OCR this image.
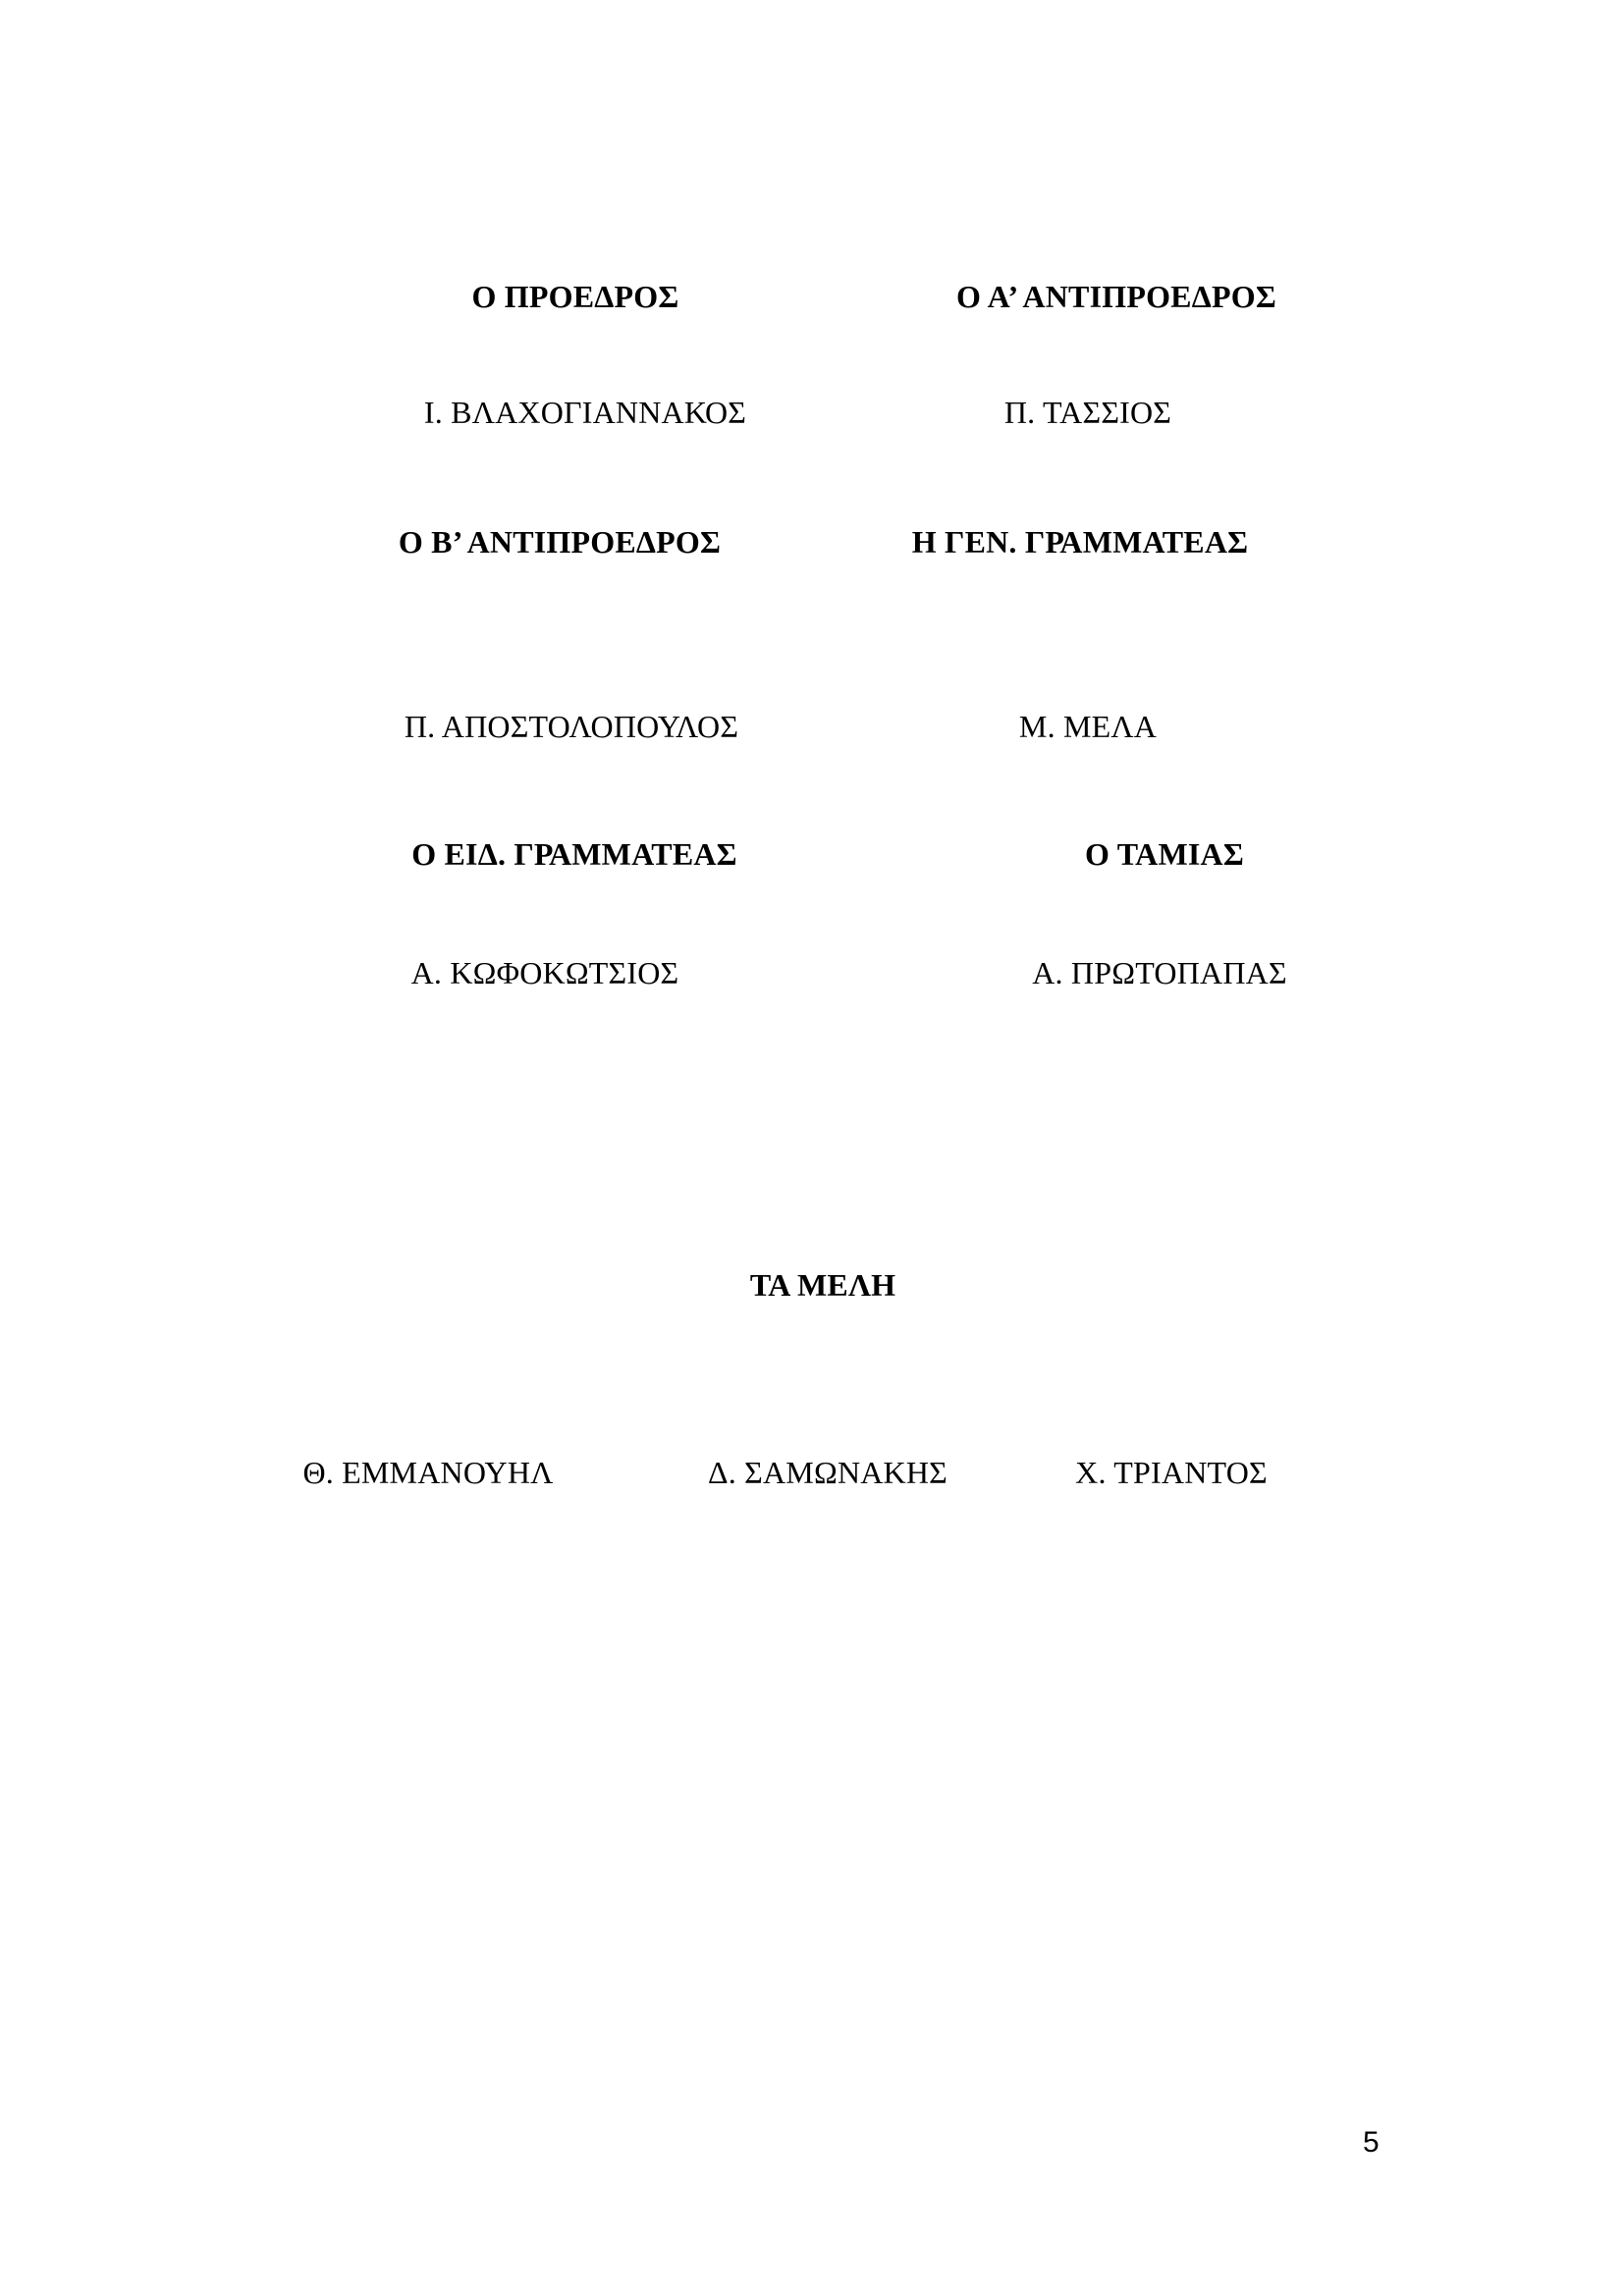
Ο ΠΡΟΕΔΡΟΣ	Ο Α’ ΑΝΤΙΠΡΟΕΔΡΟΣ
Ι. ΒΛΑΧΟΓΙΑΝΝΑΚΟΣ	Π. ΤΑΣΣΙΟΣ
Ο Β’ ΑΝΤΙΠΡΟΕΔΡΟΣ	Η ΓΕΝ. ΓΡΑΜΜΑΤΕΑΣ
Π. ΑΠΟΣΤΟΛΟΠΟΥΛΟΣ	Μ. ΜΕΛΑ
Ο ΕΙΔ. ΓΡΑΜΜΑΤΕΑΣ	Ο ΤΑΜΙΑΣ
Α. ΚΩΦΟΚΩΤΣΙΟΣ	Α. ΠΡΩΤΟΠΑΠΑΣ
ΤΑ ΜΕΛΗ
Θ. ΕΜΜΑΝΟΥΗΛ	Δ. ΣΑΜΩΝΑΚΗΣ	Χ. ΤΡΙΑΝΤΟΣ
5
